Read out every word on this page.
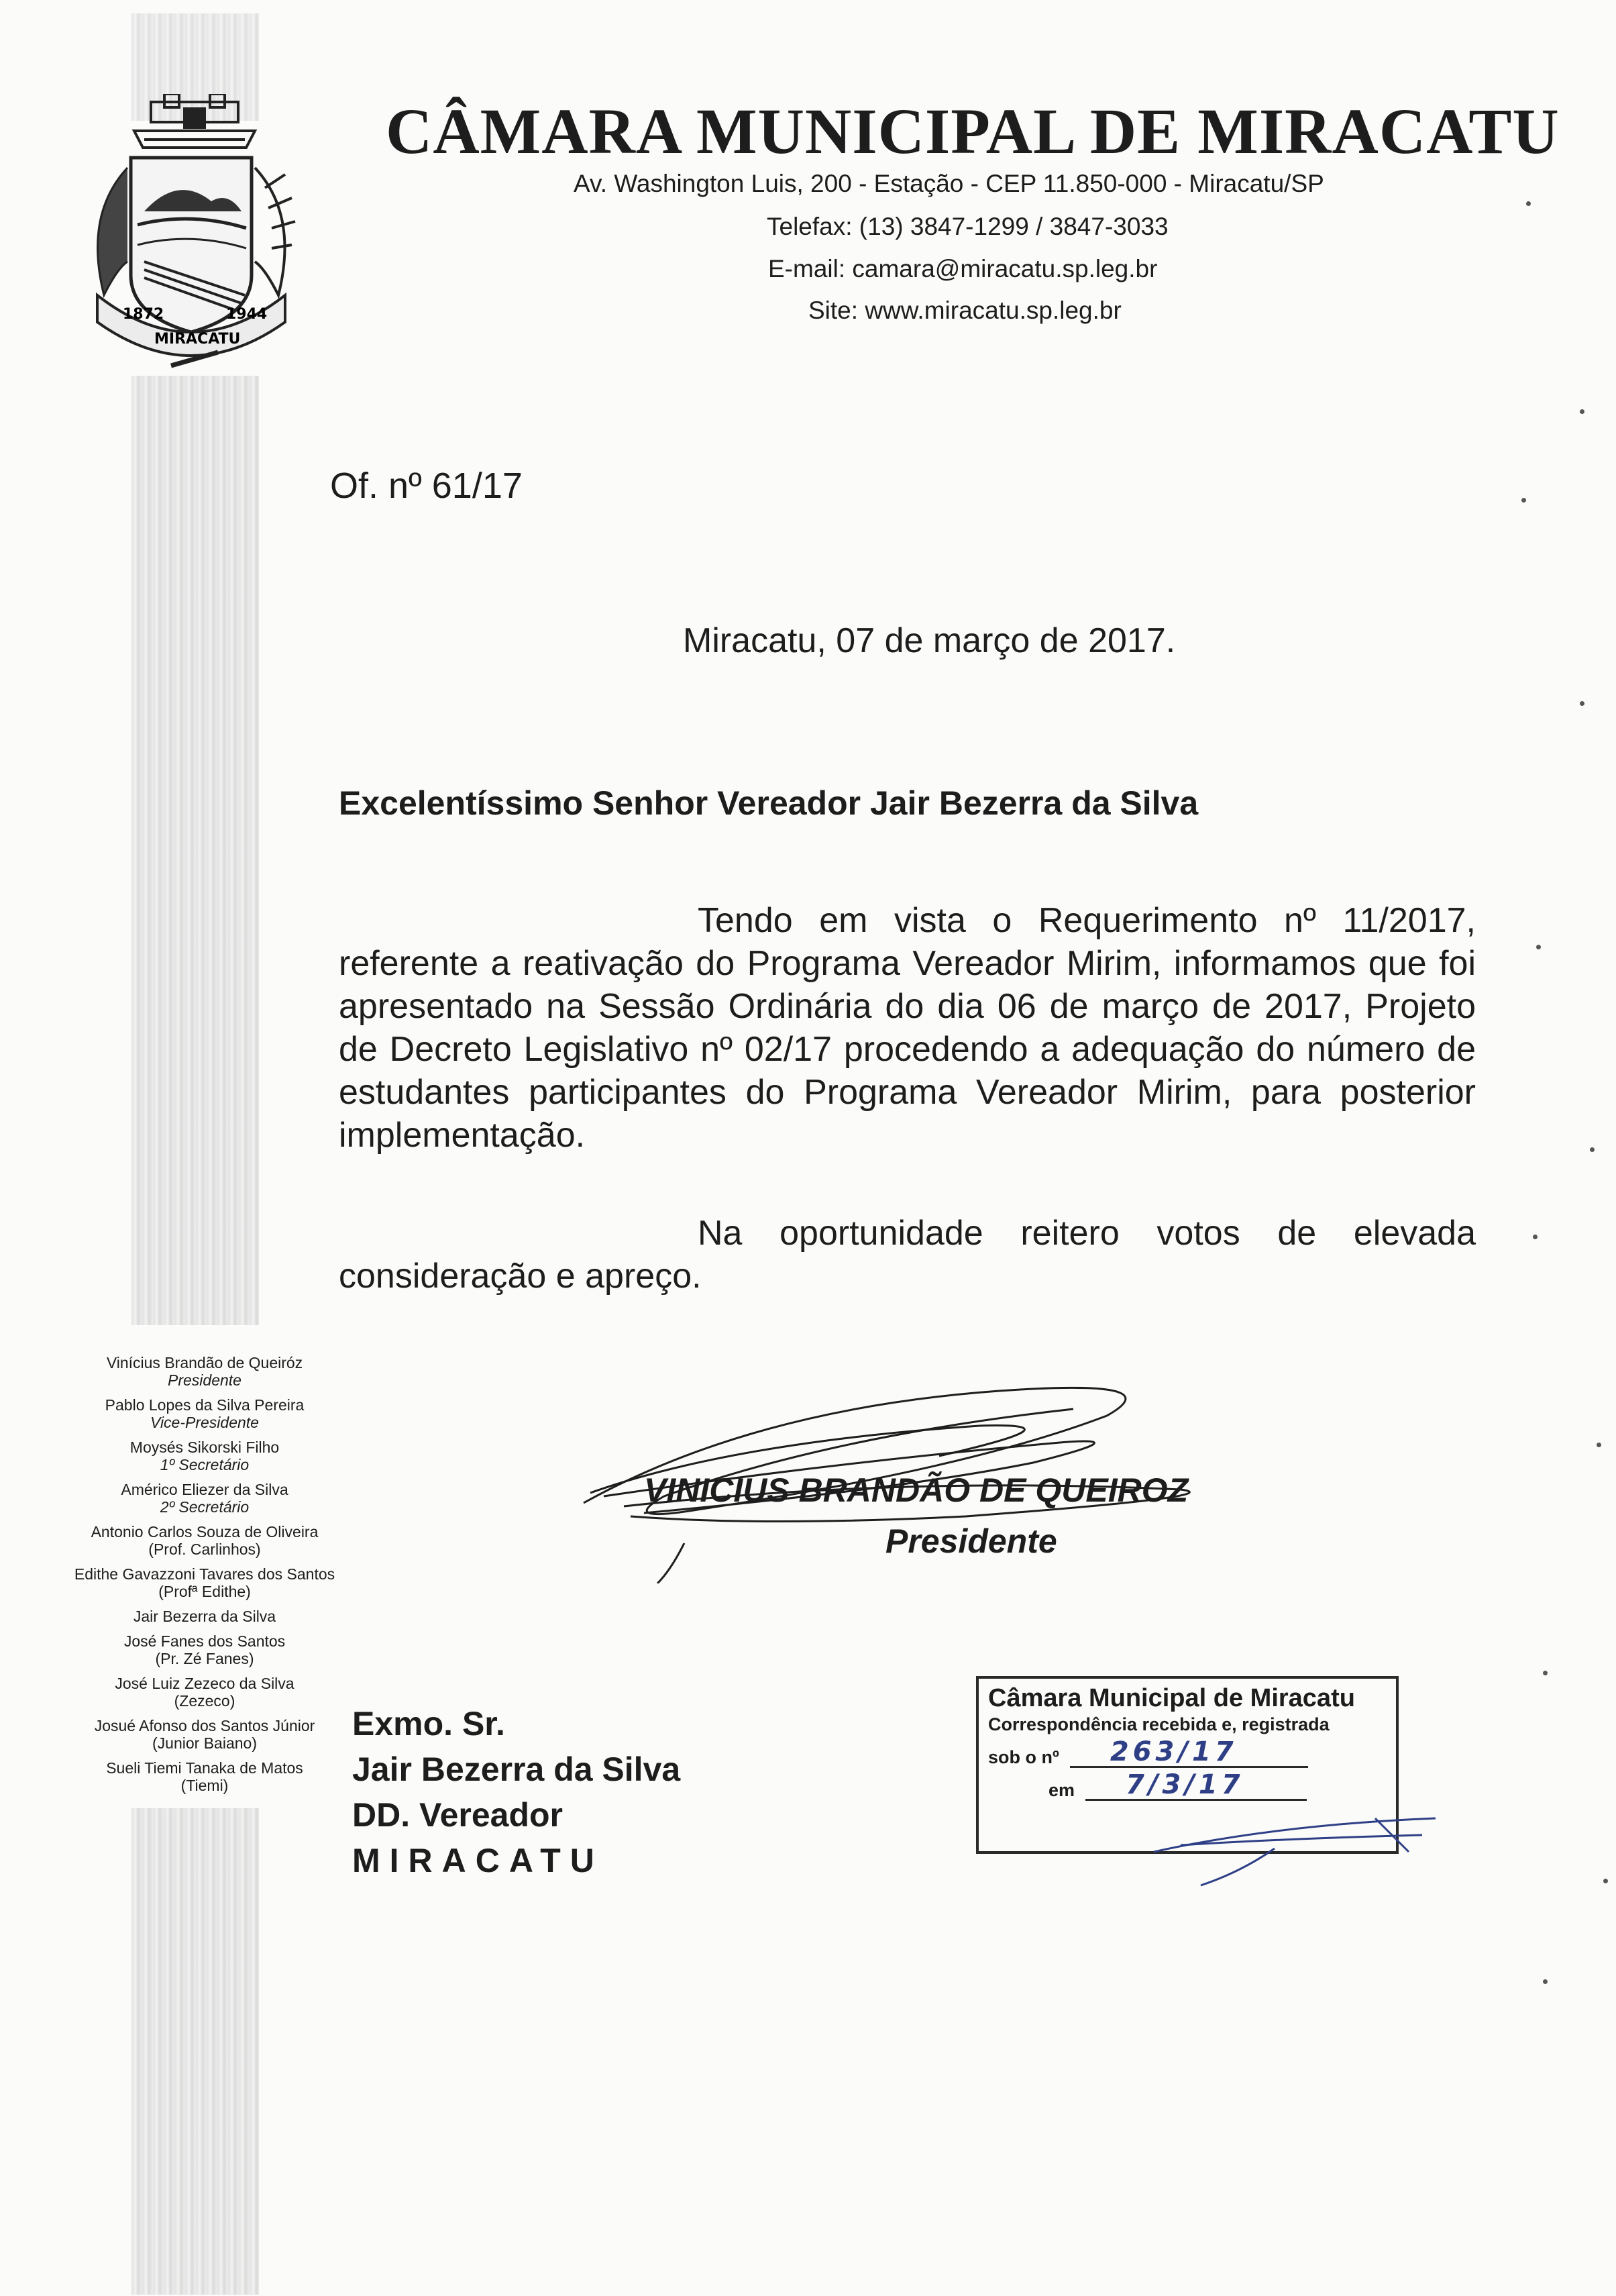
1872	1944
MIRACATU
CÂMARA MUNICIPAL DE MIRACATU
Av. Washington Luis, 200 - Estação - CEP 11.850-000 - Miracatu/SP
Telefax: (13) 3847-1299 / 3847-3033
E-mail: camara@miracatu.sp.leg.br
Site: www.miracatu.sp.leg.br
Of. nº 61/17
Miracatu, 07 de março de 2017.
Excelentíssimo Senhor Vereador Jair Bezerra da Silva

Tendo em vista o Requerimento nº 11/2017, referente a reativação do Programa Vereador Mirim, informamos que foi apresentado na Sessão Ordinária do dia 06 de março de 2017, Projeto de Decreto Legislativo nº 02/17 procedendo a adequação do número de estudantes participantes do Programa Vereador Mirim, para posterior implementação.

Na oportunidade reitero votos de elevada consideração e apreço.

VINICIUS BRANDÃO DE QUEIROZ
Presidente
Vinícius Brandão de Queiróz
Presidente
Pablo Lopes da Silva Pereira
Vice-Presidente
Moysés Sikorski Filho
1º Secretário
Américo Eliezer da Silva
2º Secretário
Antonio Carlos Souza de Oliveira
(Prof. Carlinhos)
Edithe Gavazzoni Tavares dos Santos
(Profª Edithe)
Jair Bezerra da Silva
José Fanes dos Santos
(Pr. Zé Fanes)
José Luiz Zezeco da Silva
(Zezeco)
Josué Afonso dos Santos Júnior
(Junior Baiano)
Sueli Tiemi Tanaka de Matos
(Tiemi)
Exmo. Sr.
Jair Bezerra da Silva
DD. Vereador
MIRACATU
Câmara Municipal de Miracatu
Correspondência recebida e, registrada
sob o nº 263/17
em 7/3/17
